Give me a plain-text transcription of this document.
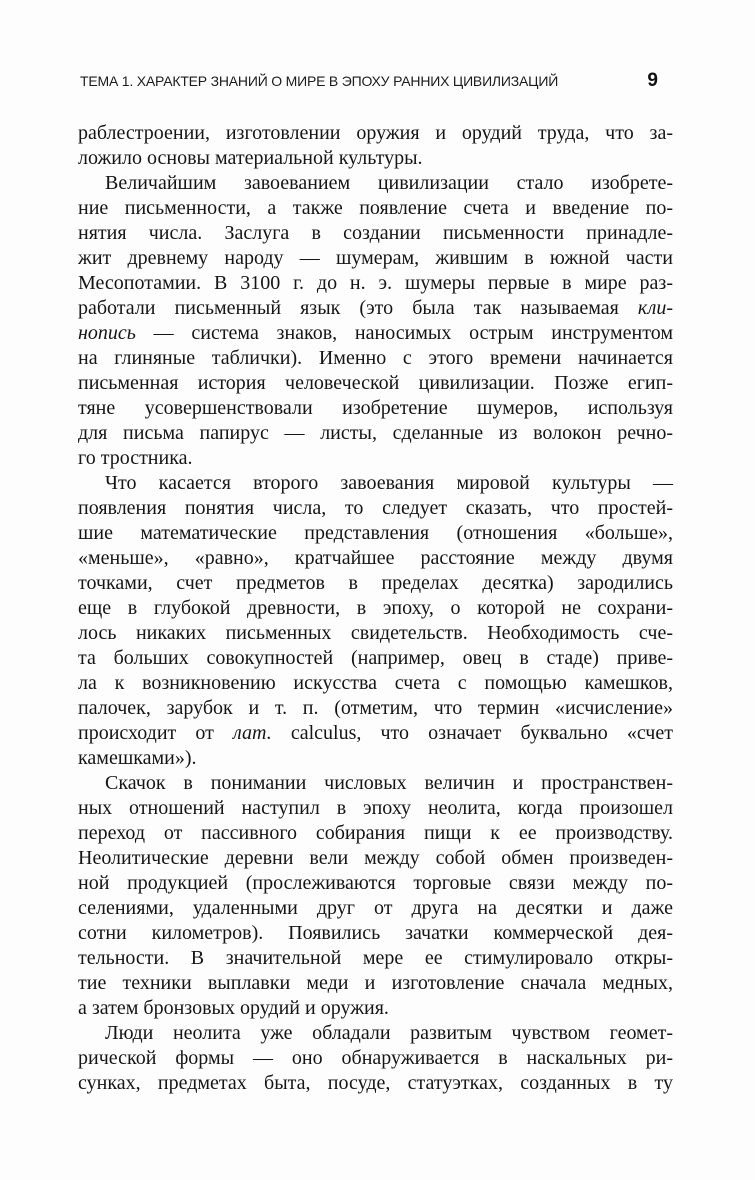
ТЕМА 1. ХАРАКТЕР ЗНАНИЙ О МИРЕ В ЭПОХУ РАННИХ ЦИВИЛИЗАЦИЙ	9
раблестроении, изготовлении оружия и орудий труда, что за-
ложило основы материальной культуры.
Величайшим завоеванием цивилизации стало изобрете-
ние письменности, а также появление счета и введение по-
нятия числа. Заслуга в создании письменности принадле-
жит древнему народу — шумерам, жившим в южной части
Месопотамии. В 3100 г. до н. э. шумеры первые в мире раз-
работали письменный язык (это была так называемая кли-
нопись — система знаков, наносимых острым инструментом
на глиняные таблички). Именно с этого времени начинается
письменная история человеческой цивилизации. Позже егип-
тяне усовершенствовали изобретение шумеров, используя
для письма папирус — листы, сделанные из волокон речно-
го тростника.
Что касается второго завоевания мировой культуры —
появления понятия числа, то следует сказать, что простей-
шие математические представления (отношения «больше»,
«меньше», «равно», кратчайшее расстояние между двумя
точками, счет предметов в пределах десятка) зародились
еще в глубокой древности, в эпоху, о которой не сохрани-
лось никаких письменных свидетельств. Необходимость сче-
та больших совокупностей (например, овец в стаде) приве-
ла к возникновению искусства счета с помощью камешков,
палочек, зарубок и т. п. (отметим, что термин «исчисление»
происходит от лат. calculus, что означает буквально «счет
камешками»).
Скачок в понимании числовых величин и пространствен-
ных отношений наступил в эпоху неолита, когда произошел
переход от пассивного собирания пищи к ее производству.
Неолитические деревни вели между собой обмен произведен-
ной продукцией (прослеживаются торговые связи между по-
селениями, удаленными друг от друга на десятки и даже
сотни километров). Появились зачатки коммерческой дея-
тельности. В значительной мере ее стимулировало откры-
тие техники выплавки меди и изготовление сначала медных,
а затем бронзовых орудий и оружия.
Люди неолита уже обладали развитым чувством геомет-
рической формы — оно обнаруживается в наскальных ри-
сунках, предметах быта, посуде, статуэтках, созданных в ту
